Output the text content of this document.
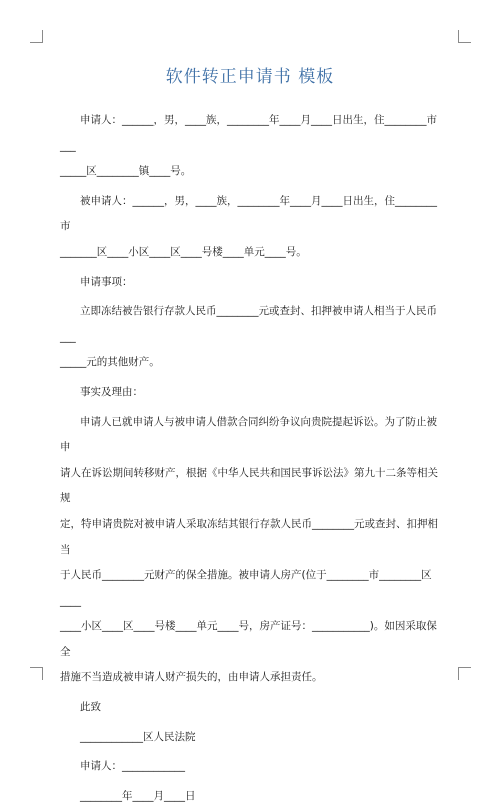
软件转正申请书 模板

申请人：______，男，____族，________年____月____日出生，住________市___

_____区________镇____号。

被申请人：______，男，____族，________年____月____日出生，住________市

_______区____小区____区____号楼____单元____号。

申请事项：

立即冻结被告银行存款人民币________元或查封、扣押被申请人相当于人民币___

_____元的其他财产。

事实及理由：

申请人已就申请人与被申请人借款合同纠纷争议向贵院提起诉讼。为了防止被申

请人在诉讼期间转移财产，根据《中华人民共和国民事诉讼法》第九十二条等相关规

定，特申请贵院对被申请人采取冻结其银行存款人民币________元或查封、扣押相当

于人民币________元财产的保全措施。被申请人房产(位于________市________区____

____小区____区____号楼____单元____号，房产证号：___________)。如因采取保全

措施不当造成被申请人财产损失的，由申请人承担责任。

此致

____________区人民法院

申请人：____________

________年____月____日
